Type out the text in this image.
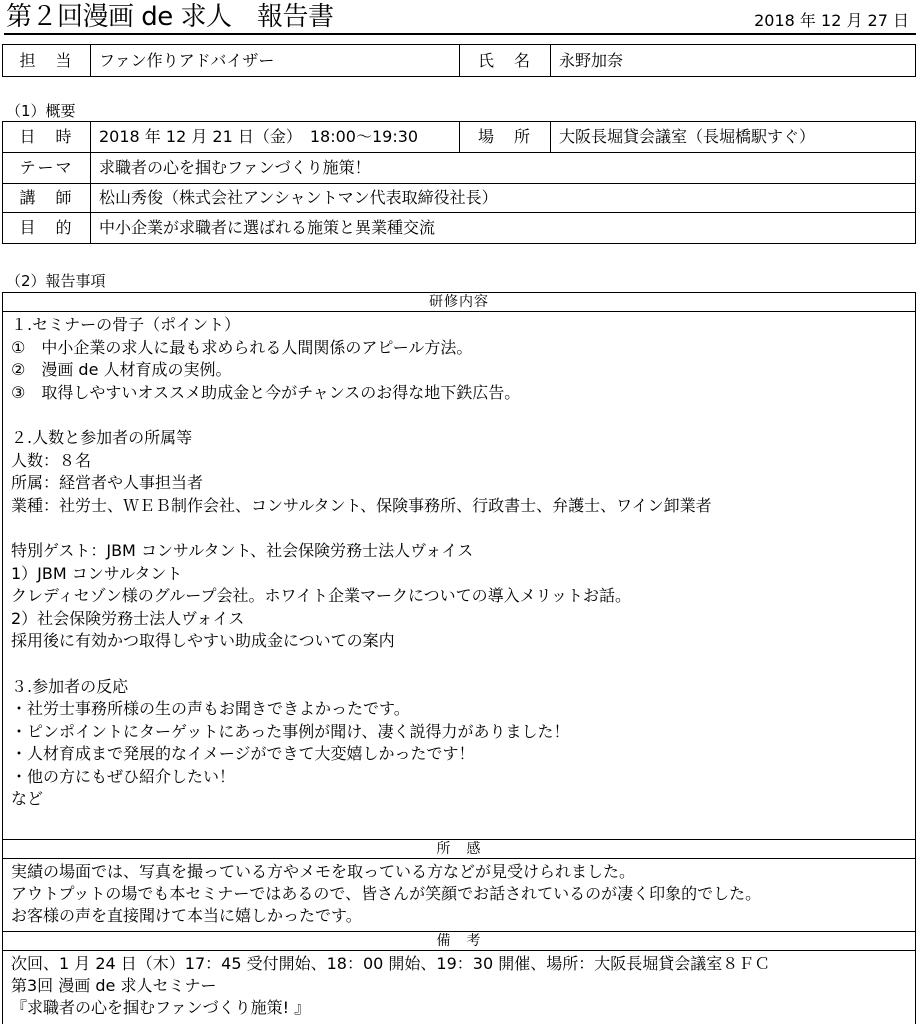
第２回漫画 de 求人　報告書	2018 年 12 月 27 日
担　当	ファン作りアドバイザー	氏　名	永野加奈
（1）概要
日　時	2018 年 12 月 21 日（金）　18:00～19:30	場　所	大阪長堀貸会議室（長堀橋駅すぐ）
テーマ	求職者の心を掴むファンづくり施策！		
講　師	松山秀俊（株式会社アンシャントマン代表取締役社長）		
目　的	中小企業が求職者に選ばれる施策と異業種交流		
（2）報告事項
研修内容
１.セミナーの骨子（ポイント）
①　中小企業の求人に最も求められる人間関係のアピール方法。
②　漫画 de 人材育成の実例。
③　取得しやすいオススメ助成金と今がチャンスのお得な地下鉄広告。
２.人数と参加者の所属等
人数：８名
所属：経営者や人事担当者
業種：社労士、ＷＥＢ制作会社、コンサルタント、保険事務所、行政書士、弁護士、ワイン卸業者
特別ゲスト：JBM コンサルタント、社会保険労務士法人ヴォイス
1）JBM コンサルタント
クレディセゾン様のグループ会社。ホワイト企業マークについての導入メリットお話。
2）社会保険労務士法人ヴォイス
採用後に有効かつ取得しやすい助成金についての案内
３.参加者の反応
・社労士事務所様の生の声もお聞きできよかったです。
・ピンポイントにターゲットにあった事例が聞け、凄く説得力がありました！
・人材育成まで発展的なイメージができて大変嬉しかったです！
・他の方にもぜひ紹介したい！
など
所　感
実績の場面では、写真を撮っている方やメモを取っている方などが見受けられました。
アウトプットの場でも本セミナーではあるので、皆さんが笑顔でお話されているのが凄く印象的でした。
お客様の声を直接聞けて本当に嬉しかったです。
備　考
次回、1 月 24 日（木）17：45 受付開始、18：00 開始、19：30 開催、場所：大阪長堀貸会議室８ＦＣ
第3回 漫画 de 求人セミナー
『求職者の心を掴むファンづくり施策! 』
